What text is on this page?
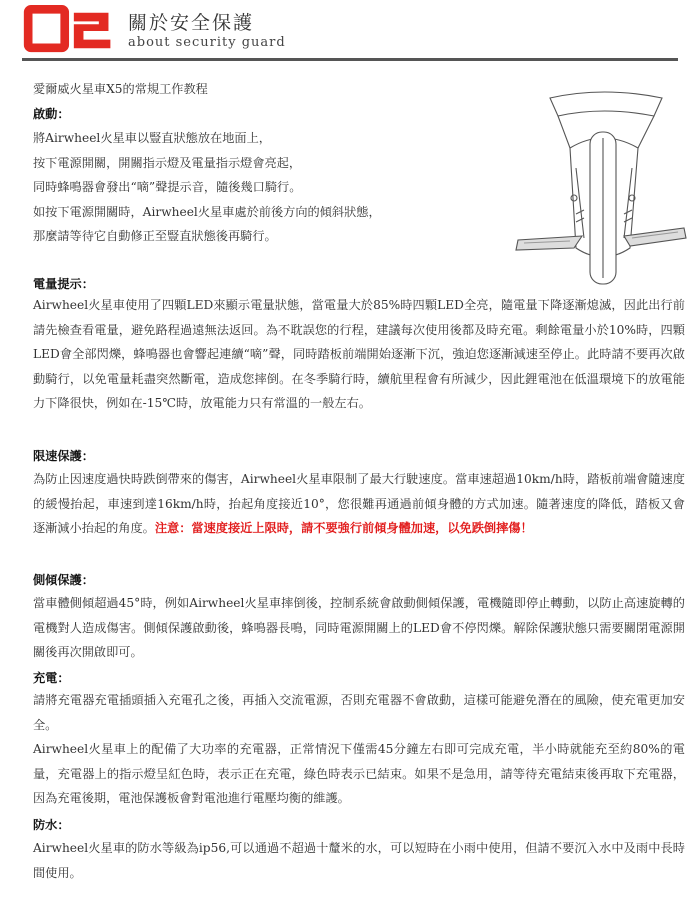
關於安全保護
about security guard
愛爾威火星車X5的常規工作教程
啟動：
將Airwheel火星車以豎直狀態放在地面上，
按下電源開關，開關指示燈及電量指示燈會亮起，
同時蜂鳴器會發出“嘀”聲提示音，隨後幾口騎行。
如按下電源開關時，Airwheel火星車處於前後方向的傾斜狀態，
那麼請等待它自動修正至豎直狀態後再騎行。
電量提示：
Airwheel火星車使用了四顆LED來顯示電量狀態，當電量大於85%時四顆LED全亮，隨電量下降逐漸熄滅，因此出行前請先檢查看電量，避免路程過遠無法返回。為不耽誤您的行程，建議每次使用後都及時充電。剩餘電量小於10%時，四顆LED會全部閃爍，蜂鳴器也會響起連續“嘀”聲，同時踏板前端開始逐漸下沉，強迫您逐漸減速至停止。此時請不要再次啟動騎行，以免電量耗盡突然斷電，造成您摔倒。在冬季騎行時，續航里程會有所減少，因此鋰電池在低溫環境下的放電能力下降很快，例如在-15℃時，放電能力只有常溫的一般左右。
限速保護：
為防止因速度過快時跌倒帶來的傷害，Airwheel火星車限制了最大行駛速度。當車速超過10km/h時，踏板前端會隨速度的緩慢抬起，車速到達16km/h時，抬起角度接近10°，您很難再通過前傾身體的方式加速。隨著速度的降低，踏板又會逐漸減小抬起的角度。注意：當速度接近上限時，請不要強行前傾身體加速，以免跌倒摔傷！
側傾保護：
當車體側傾超過45°時，例如Airwheel火星車摔倒後，控制系統會啟動側傾保護，電機隨即停止轉動，以防止高速旋轉的電機對人造成傷害。側傾保護啟動後，蜂鳴器長鳴，同時電源開關上的LED會不停閃爍。解除保護狀態只需要關閉電源開關後再次開啟即可。
充電：
請將充電器充電插頭插入充電孔之後，再插入交流電源，否則充電器不會啟動，這樣可能避免潛在的風險，使充電更加安全。
Airwheel火星車上的配備了大功率的充電器，正常情況下僅需45分鐘左右即可完成充電，半小時就能充至約80%的電量，充電器上的指示燈呈紅色時，表示正在充電，綠色時表示已結束。如果不是急用，請等待充電結束後再取下充電器，因為充電後期，電池保護板會對電池進行電壓均衡的維護。
防水：
Airwheel火星車的防水等級為ip56,可以通過不超過十釐米的水，可以短時在小雨中使用，但請不要沉入水中及雨中長時間使用。
